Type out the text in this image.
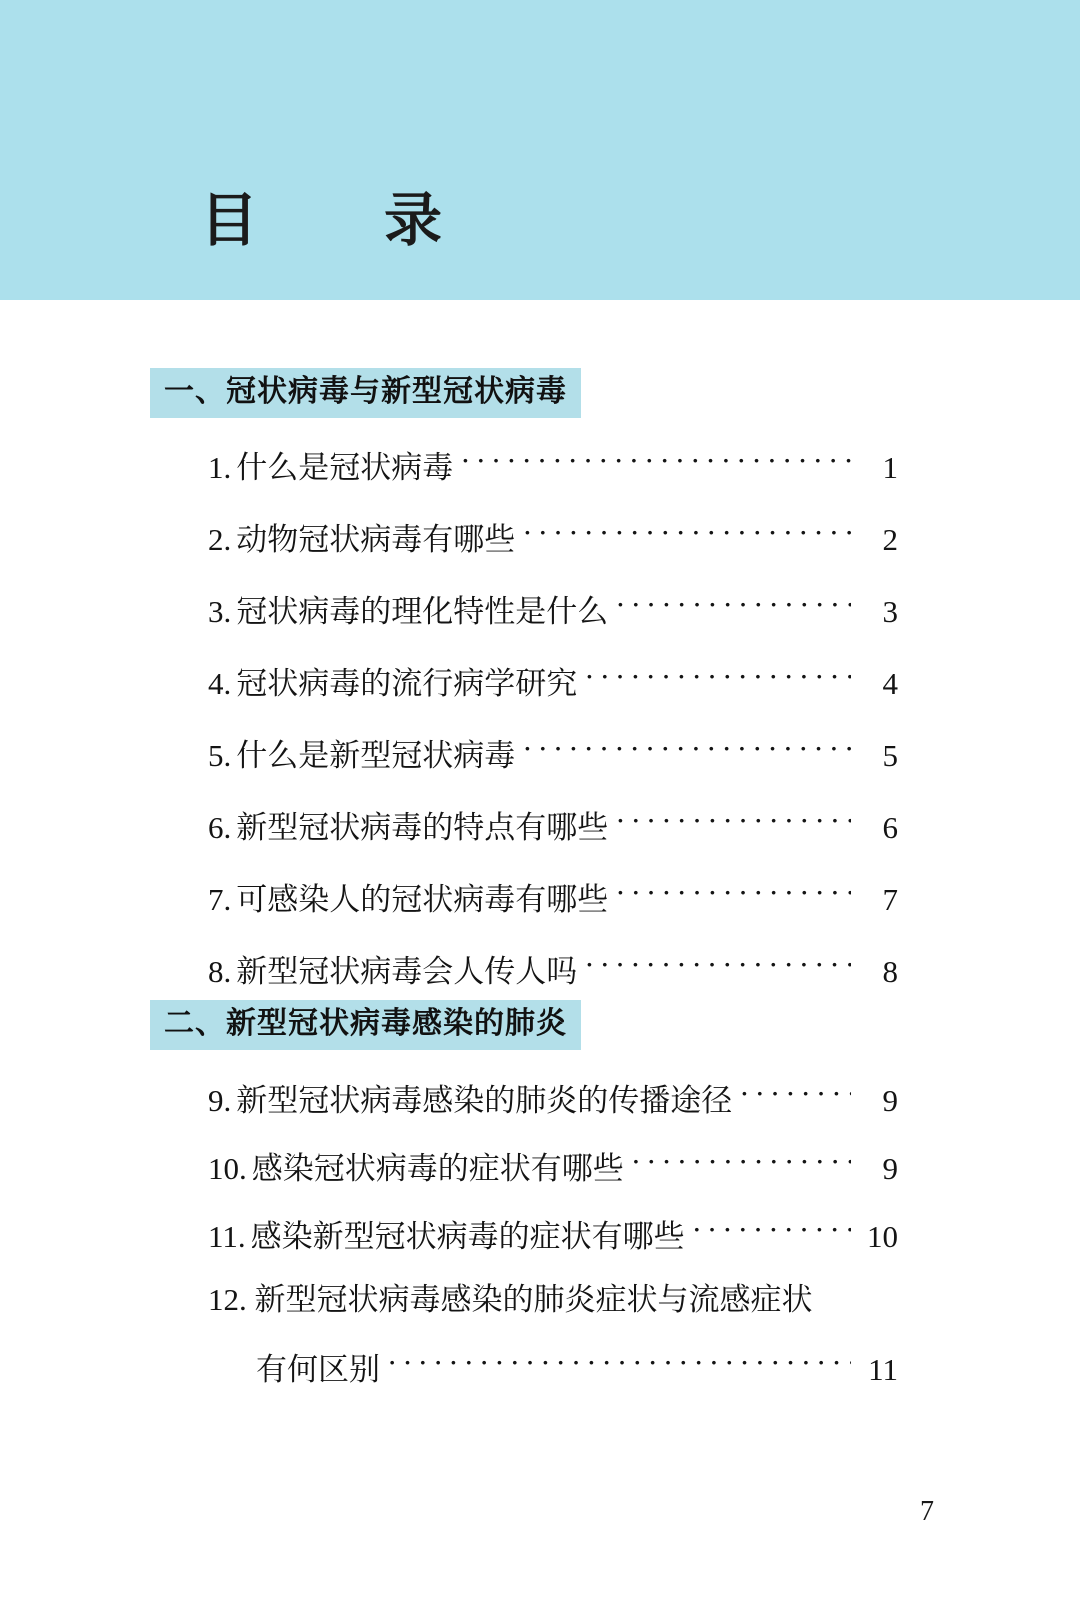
目　录
一、冠状病毒与新型冠状病毒
1. 什么是冠状病毒 ·····	1
2. 动物冠状病毒有哪些 ·····	2
3. 冠状病毒的理化特性是什么 ·····	3
4. 冠状病毒的流行病学研究 ·····	4
5. 什么是新型冠状病毒 ·····	5
6. 新型冠状病毒的特点有哪些 ·····	6
7. 可感染人的冠状病毒有哪些 ·····	7
8. 新型冠状病毒会人传人吗 ·····	8
二、新型冠状病毒感染的肺炎
9. 新型冠状病毒感染的肺炎的传播途径 ·····	9
10. 感染冠状病毒的症状有哪些 ·····	9
11. 感染新型冠状病毒的症状有哪些 ·····	10
12. 新型冠状病毒感染的肺炎症状与流感症状
有何区别 ·····	11
7
